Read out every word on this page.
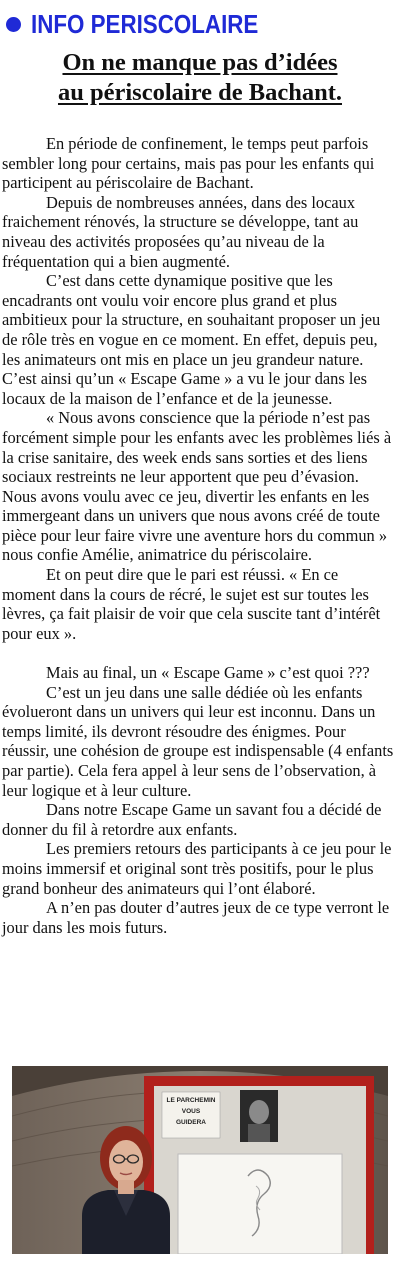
INFO PERISCOLAIRE
On ne manque pas d’idées
au périscolaire de Bachant.

En période de confinement, le temps peut parfois sembler long pour certains, mais pas pour les enfants qui participent au périscolaire de Bachant.

Depuis de nombreuses années, dans des locaux fraichement rénovés, la structure se développe, tant au niveau des activités proposées qu’au niveau de la fréquentation qui a bien augmenté.

C’est dans cette dynamique positive que les encadrants ont voulu voir encore plus grand et plus ambitieux pour la structure, en souhaitant proposer un jeu de rôle très en vogue en ce moment. En effet, depuis peu, les animateurs ont mis en place un jeu grandeur nature. C’est ainsi qu’un « Escape Game » a vu le jour dans les locaux de la maison de l’enfance et de la jeunesse.

« Nous avons conscience que la période n’est pas forcément simple pour les enfants avec les problèmes liés à la crise sanitaire, des week ends sans sorties et des liens sociaux restreints ne leur apportent que peu d’évasion. Nous avons voulu avec ce jeu, divertir les enfants en les immergeant dans un univers que nous avons créé de toute pièce pour leur faire vivre une aventure hors du commun » nous confie Amélie, animatrice du périscolaire.

Et on peut dire que le pari est réussi. « En ce moment dans la cours de récré, le sujet est sur toutes les lèvres, ça fait plaisir de voir que cela suscite tant d’intérêt pour eux ».

Mais au final, un « Escape Game » c’est quoi ???

C’est un jeu dans une salle dédiée où les enfants évolueront dans un univers qui leur est inconnu. Dans un temps limité, ils devront résoudre des énigmes. Pour réussir, une cohésion de groupe est indispensable (4 enfants par partie). Cela fera appel à leur sens de l’observation, à leur logique et à leur culture.

Dans notre Escape Game un savant fou a décidé de donner du fil à retordre aux enfants.

Les premiers retours des participants à ce jeu pour le moins immersif et original sont très positifs, pour le plus grand bonheur des animateurs qui l’ont élaboré.

A n’en pas douter d’autres jeux de ce type verront le jour dans les mois futurs.

LE PARCHEMIN
VOUS
GUIDERA
